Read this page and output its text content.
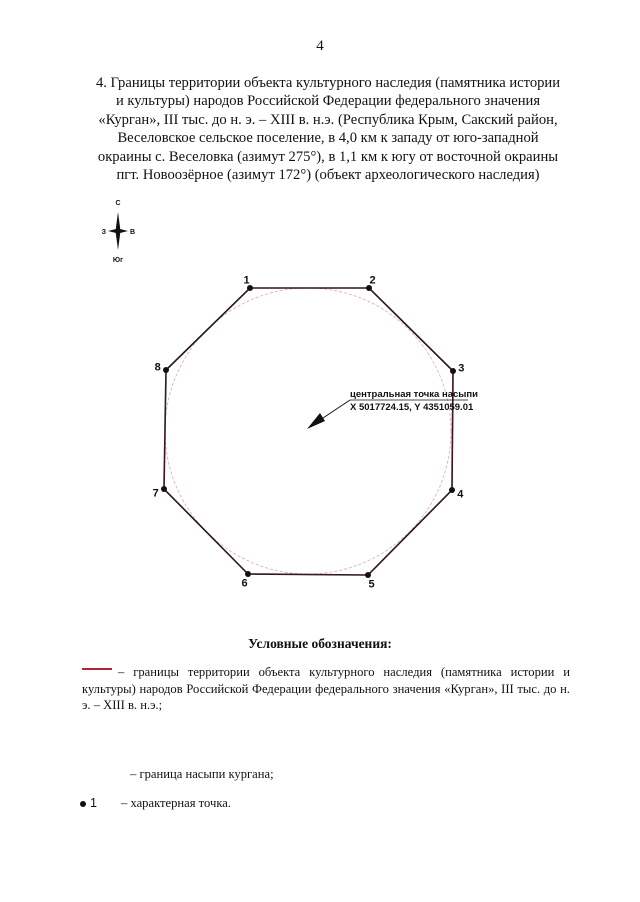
4
4. Границы территории объекта культурного наследия (памятника истории
и культуры) народов Российской Федерации федерального значения
«Курган», III тыс. до н. э. – XIII в. н.э. (Республика Крым, Сакский район,
Веселовское сельское поселение, в 4,0 км к западу от юго-западной
окраины с. Веселовка (азимут 275°), в 1,1 км к югу от восточной окраины
пгт. Новоозёрное (азимут 172°) (объект археологического наследия)
С
З	В
Юг
1	2
3
4
5
6
7
8
центральная точка насыпи
X 5017724.15, Y 4351059.01
Условные обозначения:
– границы территории объекта культурного наследия (памятника истории и культуры) народов Российской Федерации федерального значения «Курган», III тыс. до н. э. – XIII в. н.э.;
– граница насыпи кургана;
1 – характерная точка.
